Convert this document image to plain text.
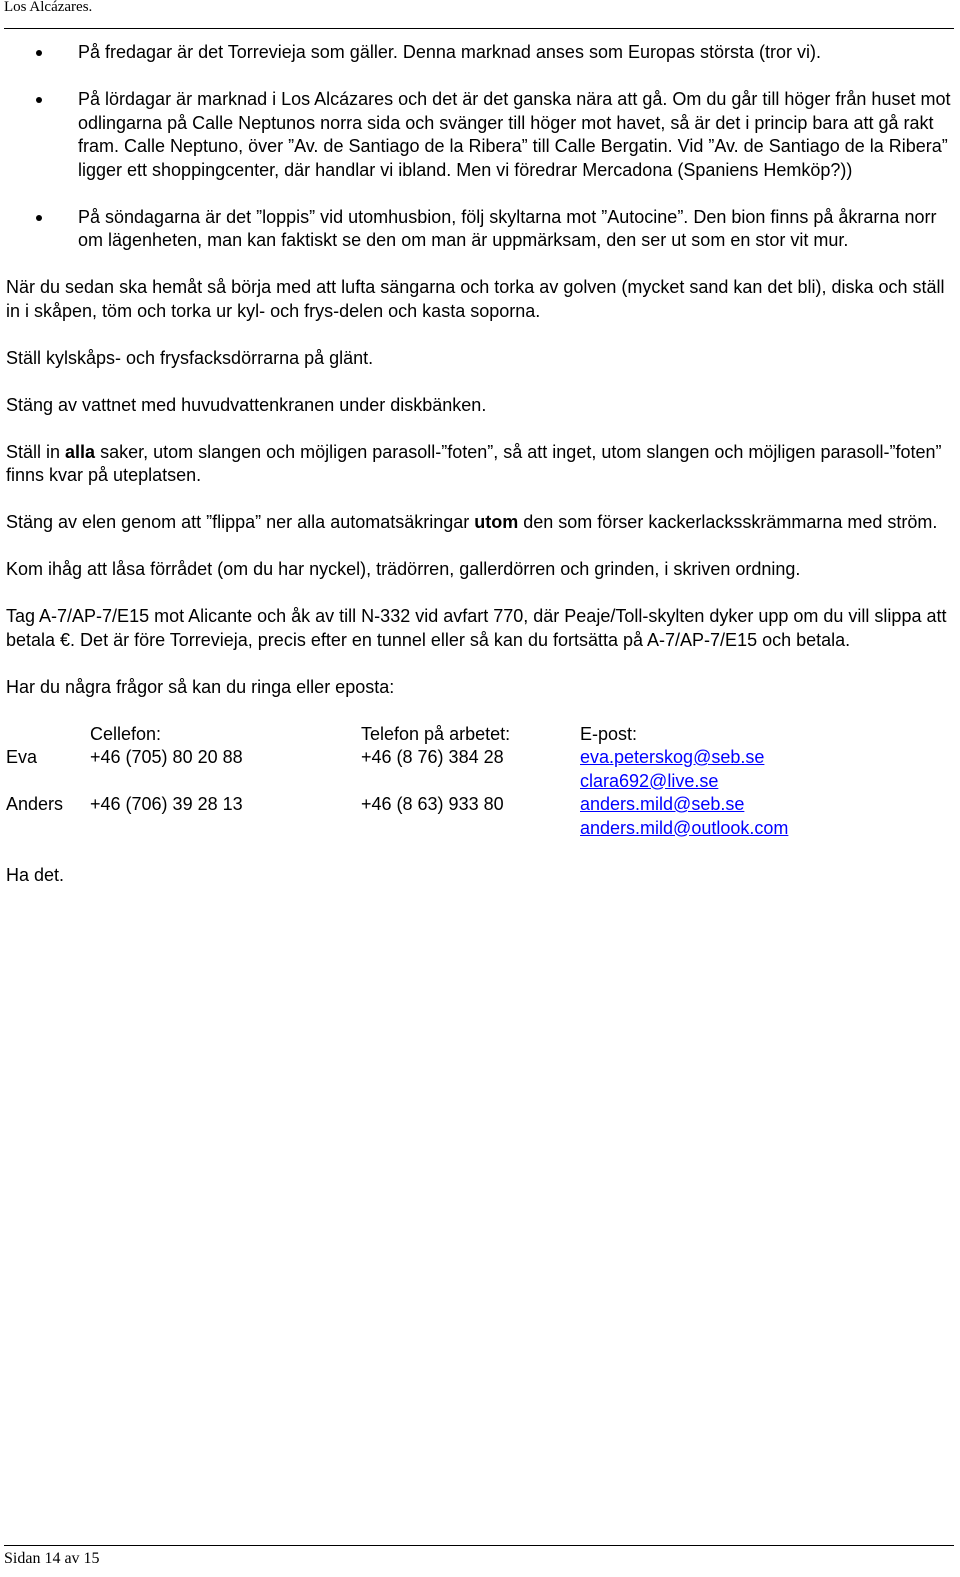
Los Alcázares.
På fredagar är det Torrevieja som gäller. Denna marknad anses som Europas största (tror vi).
På lördagar är marknad i Los Alcázares och det är det ganska nära att gå. Om du går till höger från huset mot odlingarna på Calle Neptunos norra sida och svänger till höger mot havet, så är det i princip bara att gå rakt fram. Calle Neptuno, över ”Av. de Santiago de la Ribera” till Calle Bergatin. Vid ”Av. de Santiago de la Ribera” ligger ett shoppingcenter, där handlar vi ibland. Men vi föredrar Mercadona (Spaniens Hemköp?))
På söndagarna är det ”loppis” vid utomhusbion, följ skyltarna mot ”Autocine”. Den bion finns på åkrarna norr om lägenheten, man kan faktiskt se den om man är uppmärksam, den ser ut som en stor vit mur.

När du sedan ska hemåt så börja med att lufta sängarna och torka av golven (mycket sand kan det bli), diska och ställ in i skåpen, töm och torka ur kyl- och frys-delen och kasta soporna.

Ställ kylskåps- och frysfacksdörrarna på glänt.

Stäng av vattnet med huvudvattenkranen under diskbänken.

Ställ in alla saker, utom slangen och möjligen parasoll-”foten”, så att inget, utom slangen och möjligen parasoll-”foten” finns kvar på uteplatsen.

Stäng av elen genom att ”flippa” ner alla automatsäkringar utom den som förser kackerlacksskrämmarna med ström.

Kom ihåg att låsa förrådet (om du har nyckel), trädörren, gallerdörren och grinden, i skriven ordning.

Tag A-7/AP-7/E15 mot Alicante och åk av till N-332 vid avfart 770, där Peaje/Toll-skylten dyker upp om du vill slippa att betala €. Det är före Torrevieja, precis efter en tunnel eller så kan du fortsätta på A-7/AP-7/E15 och betala.

Har du några frågor så kan du ringa eller eposta:

	Cellefon:	Telefon på arbetet:	E-post:
Eva	+46 (705) 80 20 88	+46 (8 76) 384 28	eva.peterskog@seb.se
clara692@live.se

Anders	+46 (706) 39 28 13	+46 (8 63) 933 80	anders.mild@seb.se
anders.mild@outlook.com

Ha det.

Sidan 14 av 15
